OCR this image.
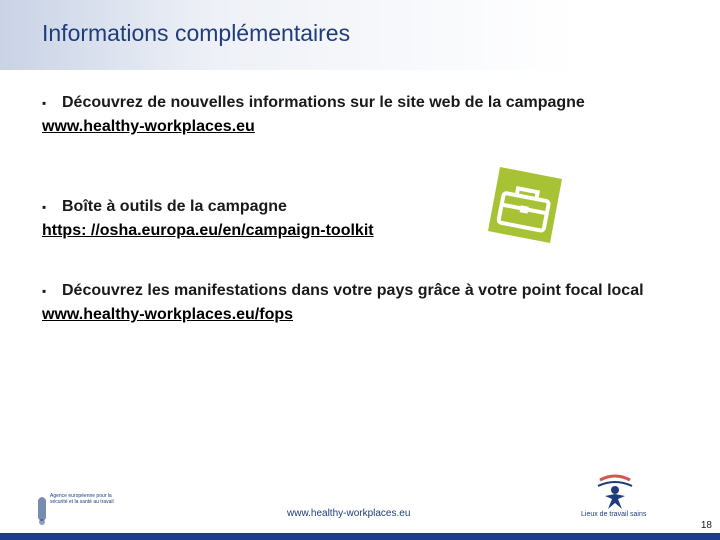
Informations complémentaires
▪ Découvrez de nouvelles informations sur le site web de la campagne
www.healthy-workplaces.eu
▪ Boîte à outils de la campagne
https: //osha.europa.eu/en/campaign-toolkit
▪ Découvrez les manifestations dans votre pays grâce à votre point focal local
www.healthy-workplaces.eu/fops
Agence européenne pour la sécurité et la santé au travail
Lieux de travail sains
www.healthy-workplaces.eu
18
